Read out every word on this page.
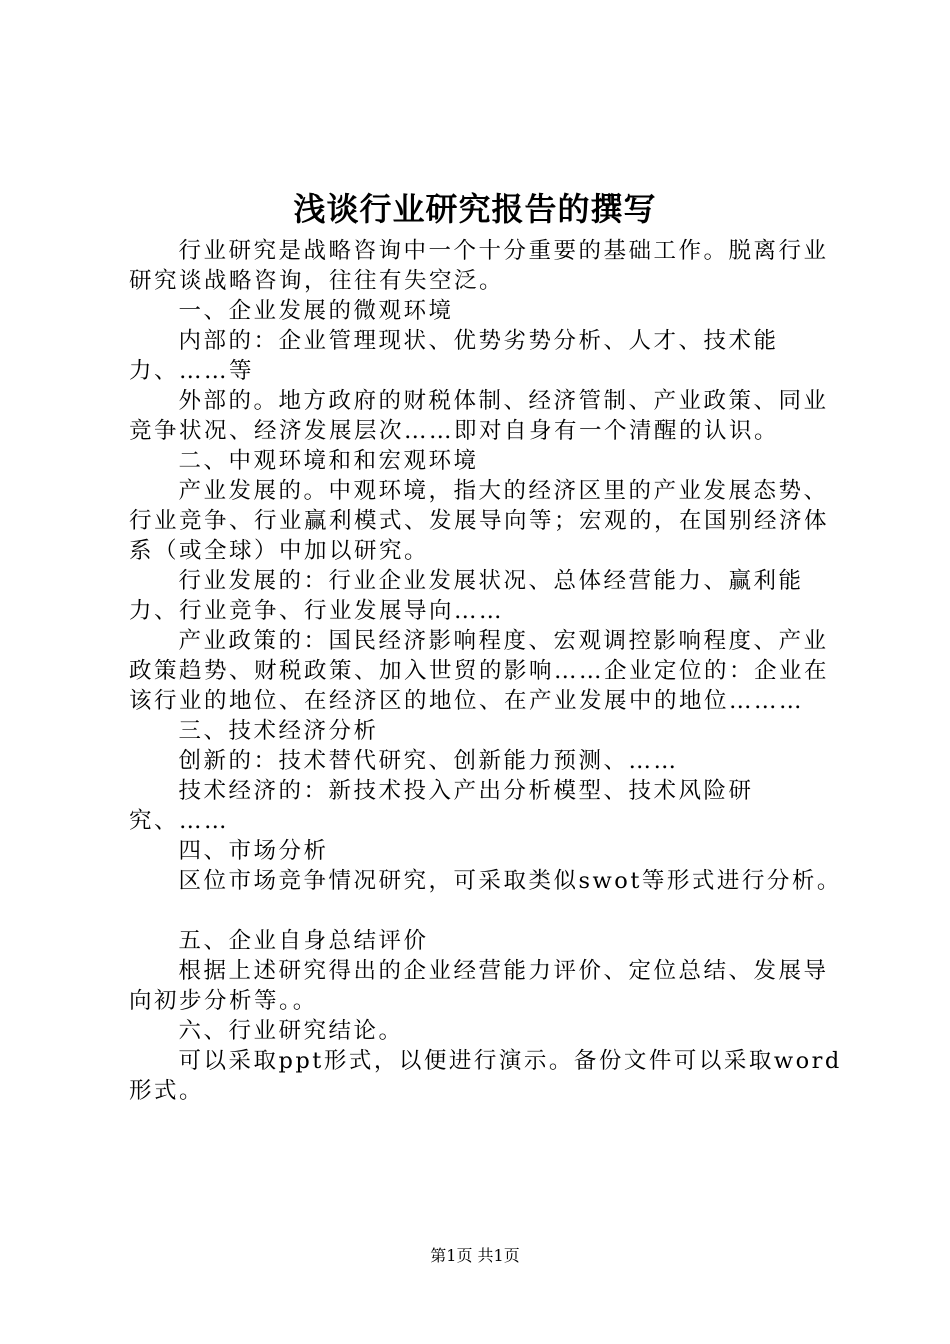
浅谈行业研究报告的撰写

行业研究是战略咨询中一个十分重要的基础工作。脱离行业研究谈战略咨询，往往有失空泛。

一、企业发展的微观环境

内部的：企业管理现状、优势劣势分析、人才、技术能力、……等

外部的。地方政府的财税体制、经济管制、产业政策、同业竞争状况、经济发展层次……即对自身有一个清醒的认识。

二、中观环境和和宏观环境

产业发展的。中观环境，指大的经济区里的产业发展态势、行业竞争、行业赢利模式、发展导向等；宏观的，在国别经济体系（或全球）中加以研究。

行业发展的：行业企业发展状况、总体经营能力、赢利能力、行业竞争、行业发展导向……

产业政策的：国民经济影响程度、宏观调控影响程度、产业政策趋势、财税政策、加入世贸的影响……企业定位的：企业在该行业的地位、在经济区的地位、在产业发展中的地位………

三、技术经济分析

创新的：技术替代研究、创新能力预测、……

技术经济的：新技术投入产出分析模型、技术风险研究、……

四、市场分析

区位市场竞争情况研究，可采取类似swot等形式进行分析。

五、企业自身总结评价

根据上述研究得出的企业经营能力评价、定位总结、发展导向初步分析等。。

六、行业研究结论。

可以采取ppt形式，以便进行演示。备份文件可以采取word形式。

第1页 共1页
